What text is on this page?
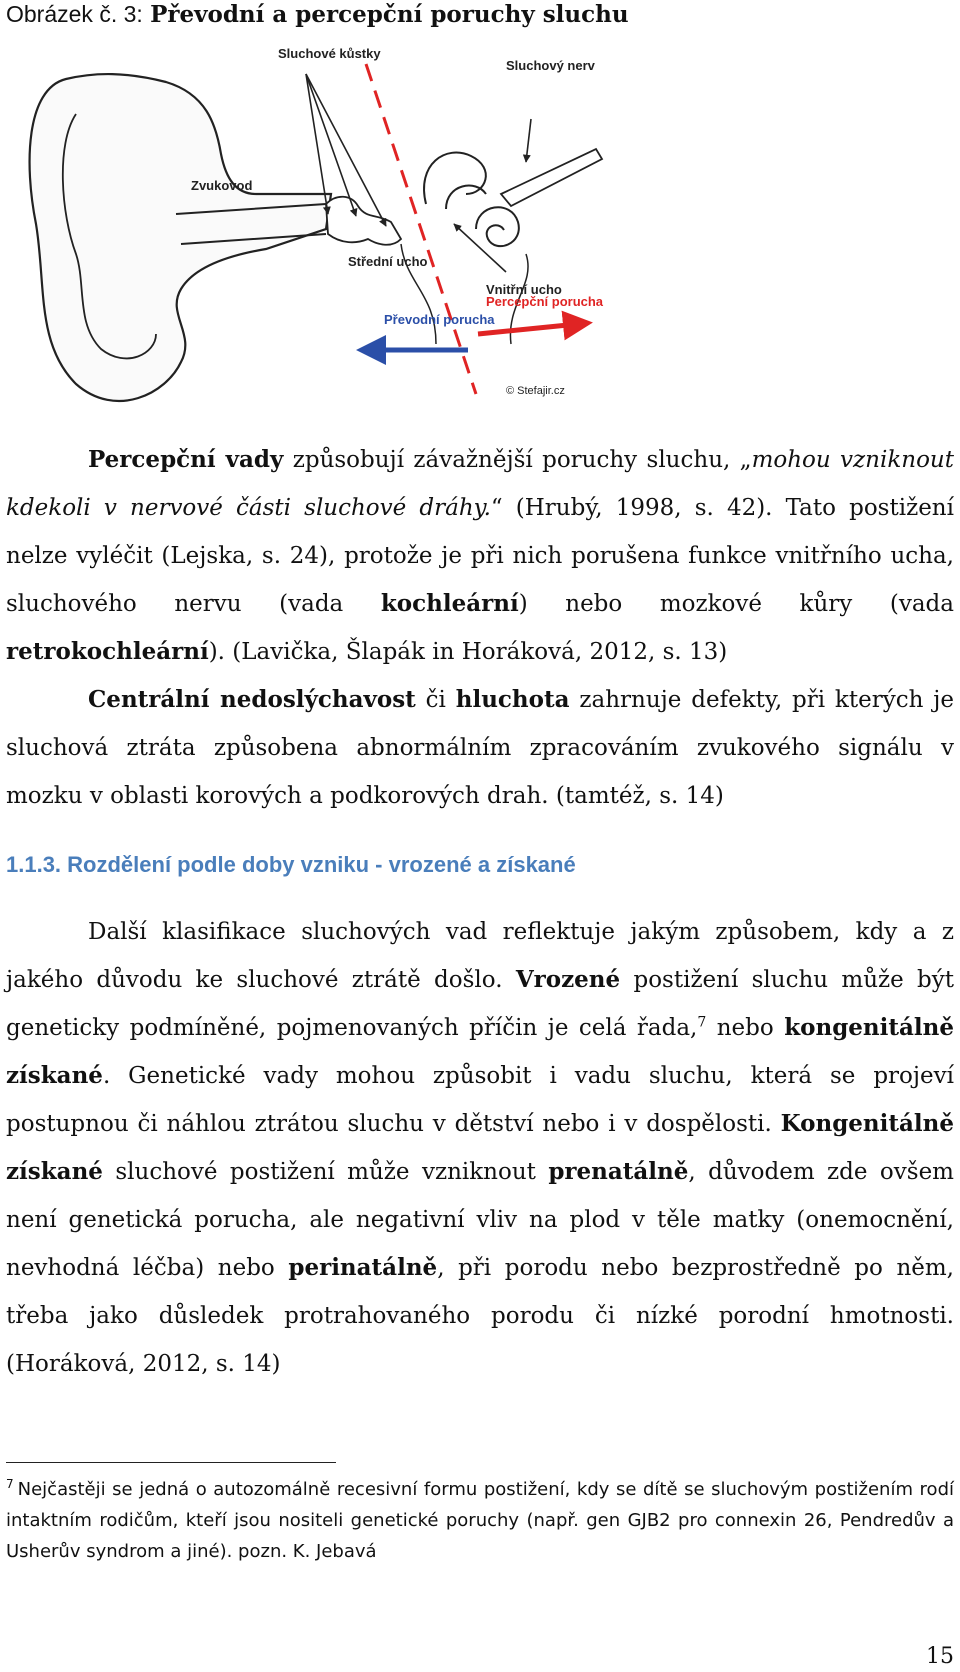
Obrázek č. 3: Převodní a percepční poruchy sluchu
Sluchové kůstky
Sluchový nerv
Zvukovod
Střední ucho
Vnitřní ucho
Převodní porucha
Percepční porucha
© Stefajir.cz

Percepční vady způsobují závažnější poruchy sluchu, „mohou vzniknout kdekoli v nervové části sluchové dráhy.“ (Hrubý, 1998, s. 42). Tato postižení nelze vyléčit (Lejska, s. 24), protože je při nich porušena funkce vnitřního ucha, sluchového nervu (vada kochleární) nebo mozkové kůry (vada retrokochleární). (Lavička, Šlapák in Horáková, 2012, s. 13)

Centrální nedoslýchavost či hluchota zahrnuje defekty, při kterých je sluchová ztráta způsobena abnormálním zpracováním zvukového signálu v mozku v oblasti korových a podkorových drah. (tamtéž, s. 14)

1.1.3. Rozdělení podle doby vzniku - vrozené a získané

Další klasifikace sluchových vad reflektuje jakým způsobem, kdy a z jakého důvodu ke sluchové ztrátě došlo. Vrozené postižení sluchu může být geneticky podmíněné, pojmenovaných příčin je celá řada,$^7$ nebo kongenitálně získané. Genetické vady mohou způsobit i vadu sluchu, která se projeví postupnou či náhlou ztrátou sluchu v dětství nebo i v dospělosti. Kongenitálně získané sluchové postižení může vzniknout prenatálně, důvodem zde ovšem není genetická porucha, ale negativní vliv na plod v těle matky (onemocnění, nevhodná léčba) nebo perinatálně, při porodu nebo bezprostředně po něm, třeba jako důsledek protrahovaného porodu či nízké porodní hmotnosti. (Horáková, 2012, s. 14)

$^7$ Nejčastěji se jedná o autozomálně recesivní formu postižení, kdy se dítě se sluchovým postižením rodí intaktním rodičům, kteří jsou nositeli genetické poruchy (např. gen GJB2 pro connexin 26, Pendredův a Usherův syndrom a jiné). pozn. K. Jebavá

15
